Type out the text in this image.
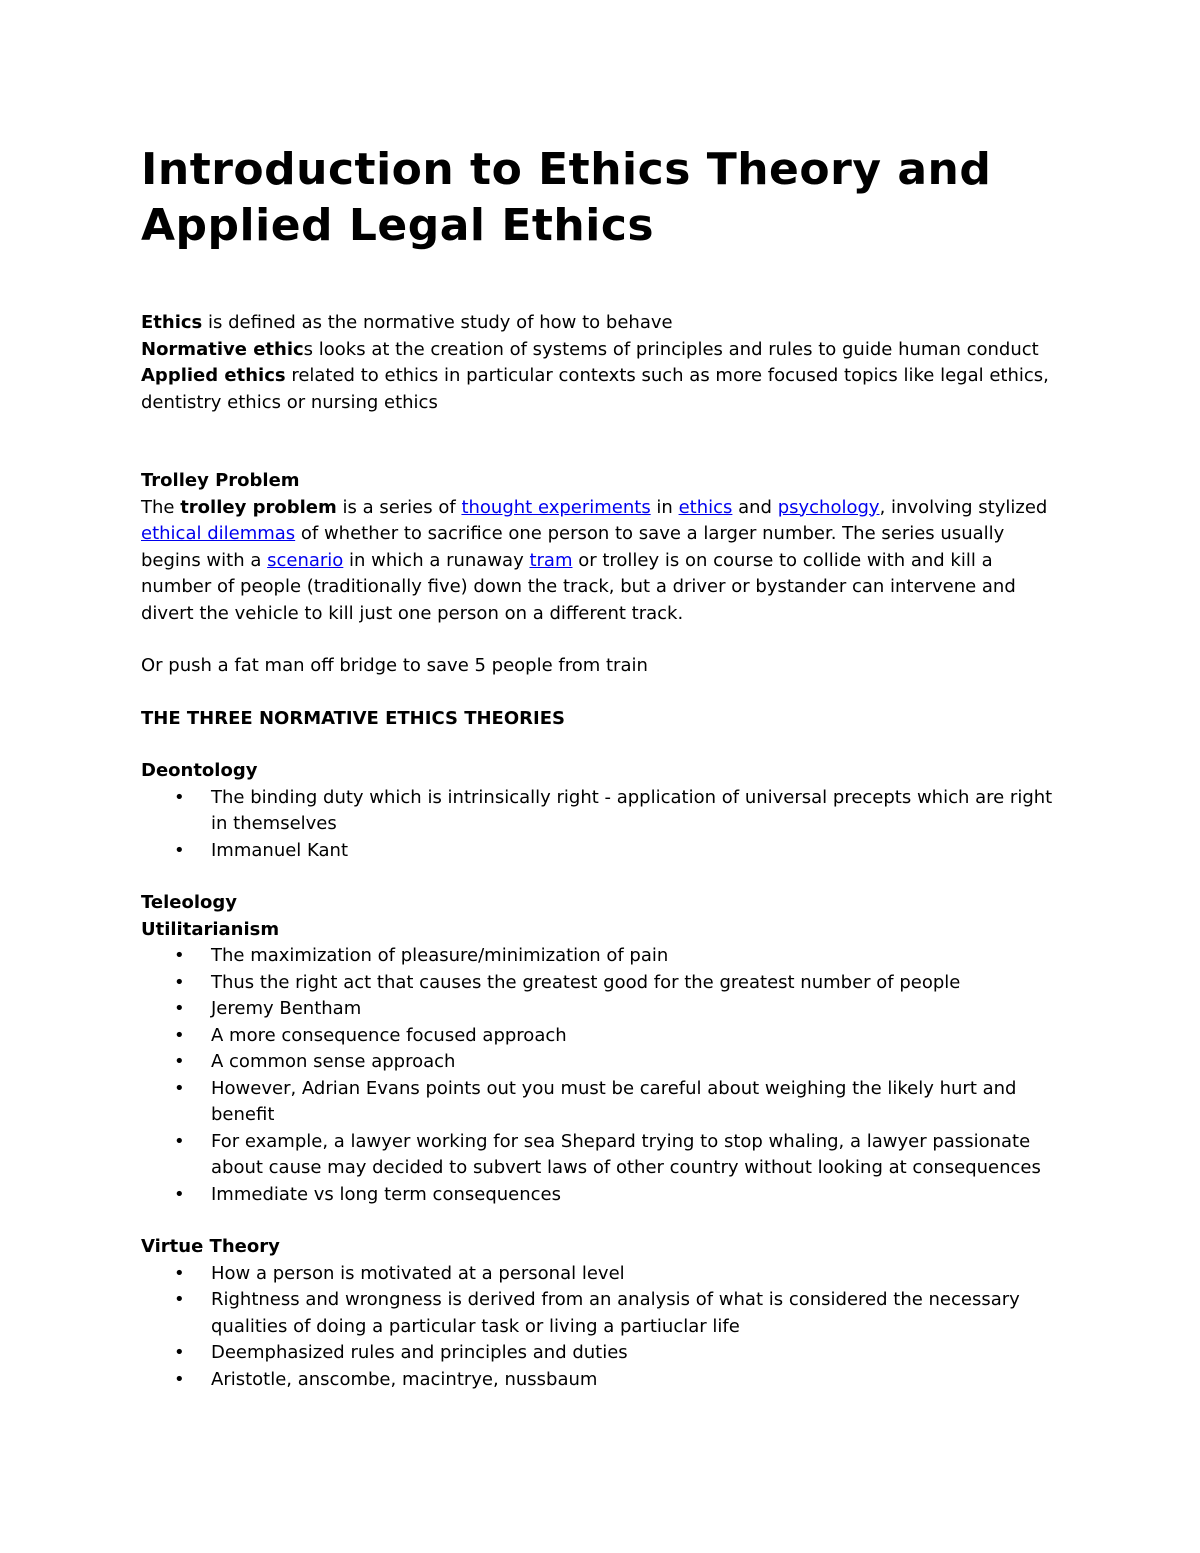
Introduction to Ethics Theory and Applied Legal Ethics

Ethics is defined as the normative study of how to behave

Normative ethics looks at the creation of systems of principles and rules to guide human conduct

Applied ethics related to ethics in particular contexts such as more focused topics like legal ethics, dentistry ethics or nursing ethics

Trolley Problem

The trolley problem is a series of thought experiments in ethics and psychology, involving stylized ethical dilemmas of whether to sacrifice one person to save a larger number. The series usually begins with a scenario in which a runaway tram or trolley is on course to collide with and kill a number of people (traditionally five) down the track, but a driver or bystander can intervene and divert the vehicle to kill just one person on a different track.

Or push a fat man off bridge to save 5 people from train

THE THREE NORMATIVE ETHICS THEORIES

Deontology

• The binding duty which is intrinsically right - application of universal precepts which are right in themselves
• Immanuel Kant

Teleology

Utilitarianism

• The maximization of pleasure/minimization of pain
• Thus the right act that causes the greatest good for the greatest number of people
• Jeremy Bentham
• A more consequence focused approach
• A common sense approach
• However, Adrian Evans points out you must be careful about weighing the likely hurt and benefit
• For example, a lawyer working for sea Shepard trying to stop whaling, a lawyer passionate about cause may decided to subvert laws of other country without looking at consequences
• Immediate vs long term consequences

Virtue Theory

• How a person is motivated at a personal level
• Rightness and wrongness is derived from an analysis of what is considered the necessary qualities of doing a particular task or living a partiuclar life
• Deemphasized rules and principles and duties
• Aristotle, anscombe, macintrye, nussbaum
